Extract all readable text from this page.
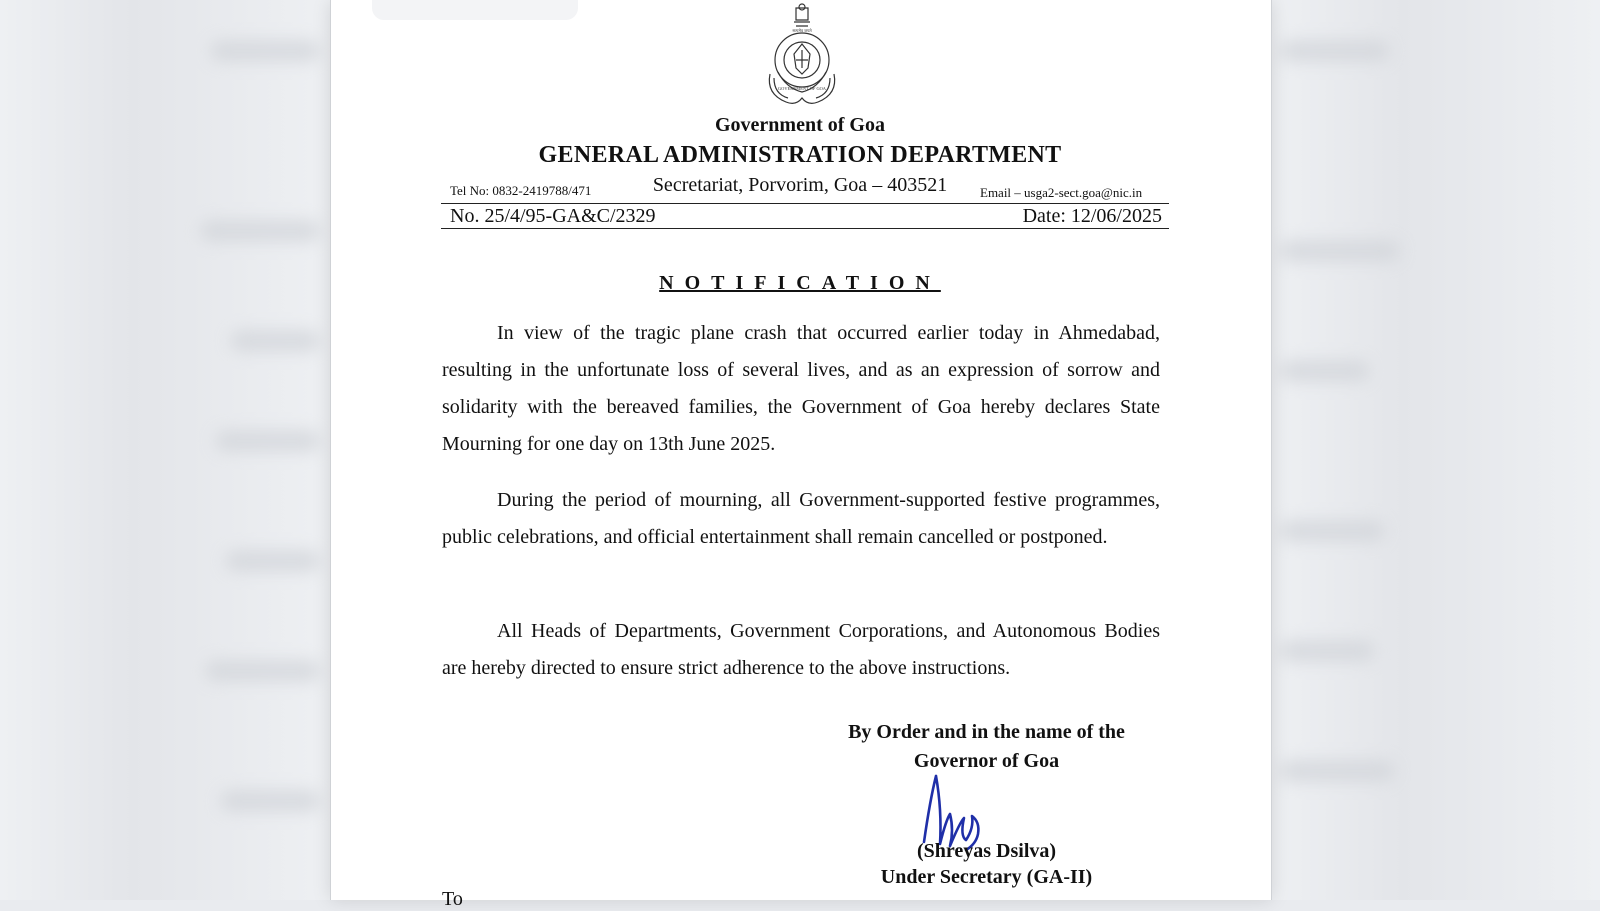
सत्यमेव जयते
GOVERNMENT OF GOA
Government of Goa
GENERAL ADMINISTRATION DEPARTMENT
Tel No: 0832-2419788/471	Secretariat, Porvorim, Goa – 403521	Email – usga2-sect.goa@nic.in
No. 25/4/95-GA&C/2329	Date: 12/06/2025
NOTIFICATION

In view of the tragic plane crash that occurred earlier today in Ahmedabad, resulting in the unfortunate loss of several lives, and as an expression of sorrow and solidarity with the bereaved families, the Government of Goa hereby declares State Mourning for one day on 13th June 2025.

During the period of mourning, all Government-supported festive programmes, public celebrations, and official entertainment shall remain cancelled or postponed.

All Heads of Departments, Government Corporations, and Autonomous Bodies are hereby directed to ensure strict adherence to the above instructions.

By Order and in the name of the
Governor of Goa
(Shreyas Dsilva)
Under Secretary (GA-II)
To
